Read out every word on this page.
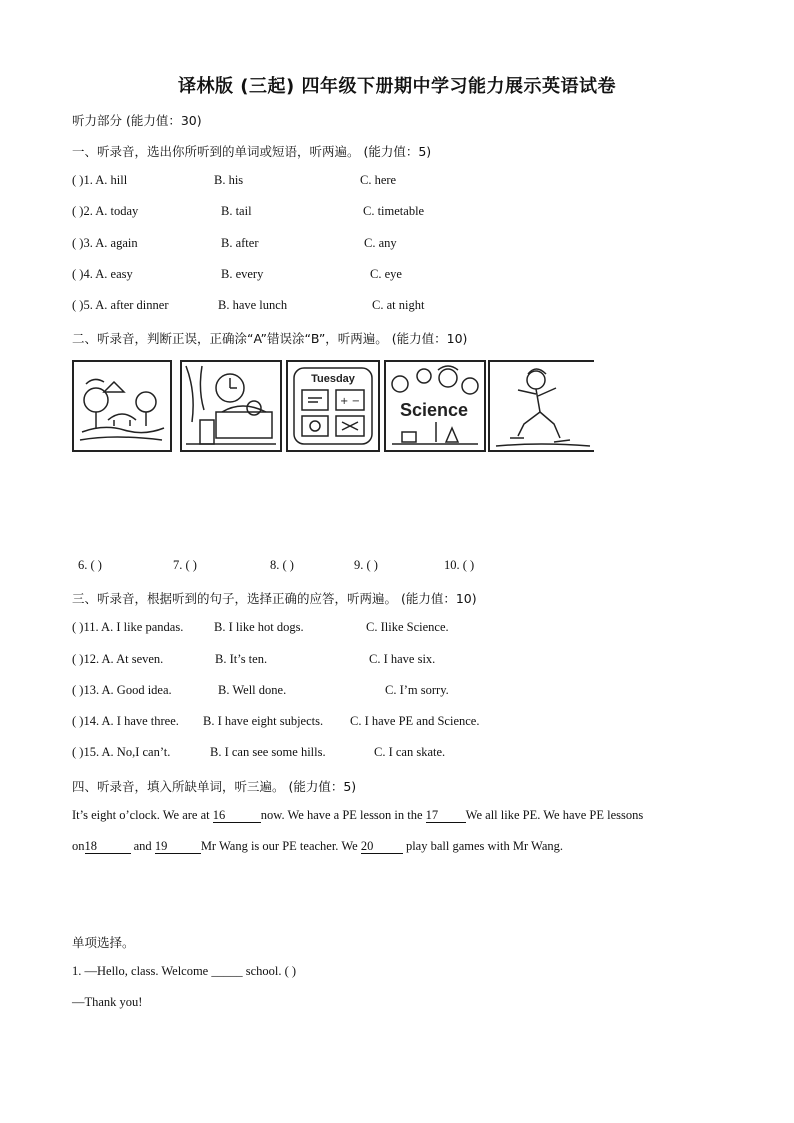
译林版 (三起) 四年级下册期中学习能力展示英语试卷
听力部分 (能力值：30)
一、听录音，选出你所听到的单词或短语，听两遍。 (能力值：5)
( )1. A. hill	B. his	C. here
( )2. A. today	B. tail	C. timetable
( )3. A. again	B. after	C. any
( )4. A. easy	B. every	C. eye
( )5. A. after dinner	B. have lunch	C. at night
二、听录音，判断正误，正确涂“A”错误涂“B”，听两遍。 (能力值：10)
Tuesday
+ − Science
6. ( )	7. ( )	8. ( )	9. ( )	10. ( )
三、听录音，根据听到的句子，选择正确的应答，听两遍。 (能力值：10)
( )11. A. I like pandas. B. I like hot dogs.	C. Ilike Science.
( )12. A. At seven.	B. It’s ten.	C. I have six.
( )13. A. Good idea.	B. Well done.	C. I’m sorry.
( )14. A. I have three. B. I have eight subjects. C. I have PE and Science.
( )15. A. No,I can’t.	B. I can see some hills.	C. I can skate.
四、听录音，填入所缺单词，听三遍。 (能力值：5)
It’s eight o’clock. We are at 16	now. We have a PE lesson in the 17 We all like PE. We have PE lessons
on18	and 19	Mr Wang is our PE teacher. We 20 play ball games with Mr Wang.
单项选择。
1. —Hello, class. Welcome _____ school. ( )
—Thank you!
